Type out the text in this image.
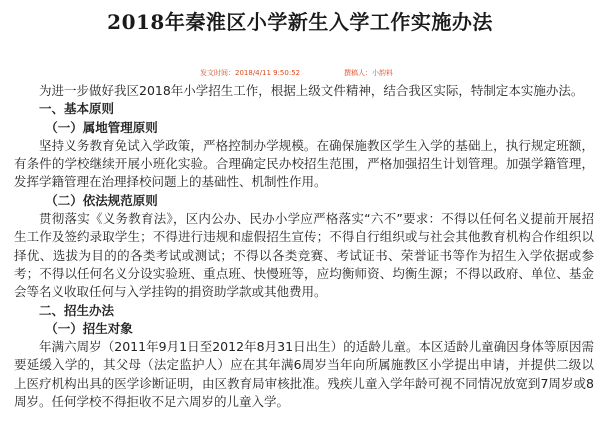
2018年秦淮区小学新生入学工作实施办法
发文时间：2018/4/11 9:50:52	撰稿人：小韵料

为进一步做好我区2018年小学招生工作，根据上级文件精神，结合我区实际，特制定本实施办法。

一、基本原则

（一）属地管理原则

坚持义务教育免试入学政策，严格控制办学规模。在确保施教区学生入学的基础上，执行规定班额，有条件的学校继续开展小班化实验。合理确定民办校招生范围，严格加强招生计划管理。加强学籍管理，发挥学籍管理在治理择校问题上的基础性、机制性作用。

（二）依法规范原则

贯彻落实《义务教育法》，区内公办、民办小学应严格落实“六不”要求：不得以任何名义提前开展招生工作及签约录取学生；不得进行违规和虚假招生宣传；不得自行组织或与社会其他教育机构合作组织以择优、选拔为目的的各类考试或测试；不得以各类竞赛、考试证书、荣誉证书等作为招生入学依据或参考；不得以任何名义分设实验班、重点班、快慢班等，应均衡师资、均衡生源；不得以政府、单位、基金会等名义收取任何与入学挂钩的捐资助学款或其他费用。

二、招生办法

（一）招生对象

年满六周岁（2011年9月1日至2012年8月31日出生）的适龄儿童。本区适龄儿童确因身体等原因需要延缓入学的，其父母（法定监护人）应在其年满6周岁当年向所属施教区小学提出申请，并提供二级以上医疗机构出具的医学诊断证明，由区教育局审核批准。残疾儿童入学年龄可视不同情况放宽到7周岁或8周岁。任何学校不得拒收不足六周岁的儿童入学。
